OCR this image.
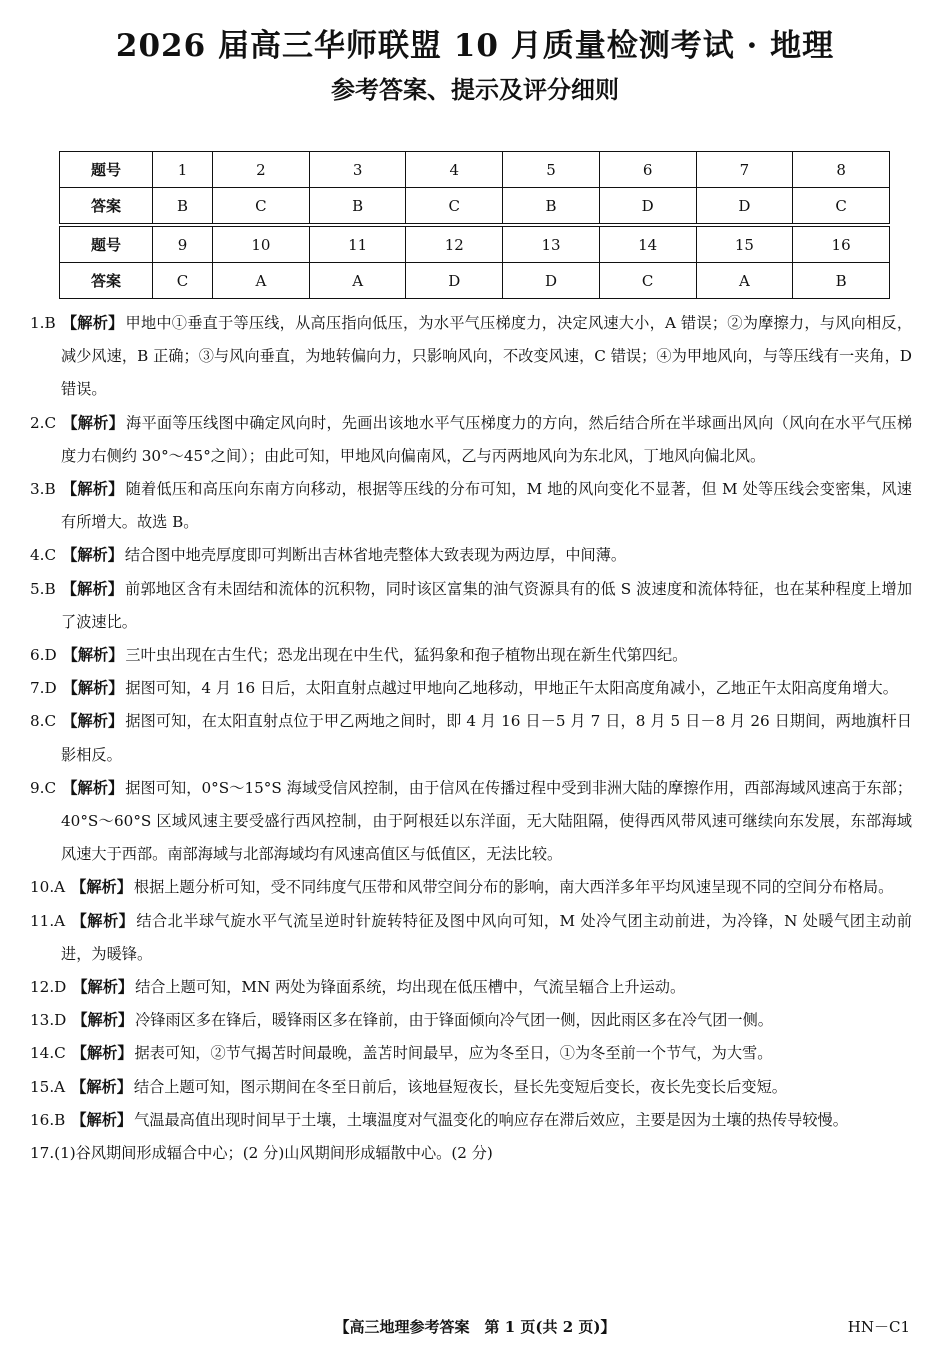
2026 届高三华师联盟 10 月质量检测考试 · 地理
参考答案、提示及评分细则
题号	1	2	3	4	5	6	7	8
答案	B	C	B	C	B	D	D	C
题号	9	10	11	12	13	14	15	16
答案	C	A	A	D	D	C	A	B
1.B 【解析】 甲地中①垂直于等压线，从高压指向低压，为水平气压梯度力，决定风速大小，A 错误；②为摩擦力，与风向相反，减少风速，B 正确；③与风向垂直，为地转偏向力，只影响风向，不改变风速，C 错误；④为甲地风向，与等压线有一夹角，D 错误。
2.C 【解析】 海平面等压线图中确定风向时，先画出该地水平气压梯度力的方向，然后结合所在半球画出风向（风向在水平气压梯度力右侧约 30°～45°之间）；由此可知，甲地风向偏南风，乙与丙两地风向为东北风，丁地风向偏北风。
3.B 【解析】 随着低压和高压向东南方向移动，根据等压线的分布可知，M 地的风向变化不显著，但 M 处等压线会变密集，风速有所增大。故选 B。
4.C 【解析】 结合图中地壳厚度即可判断出吉林省地壳整体大致表现为两边厚，中间薄。
5.B 【解析】 前郭地区含有未固结和流体的沉积物，同时该区富集的油气资源具有的低 S 波速度和流体特征，也在某种程度上增加了波速比。
6.D 【解析】 三叶虫出现在古生代；恐龙出现在中生代，猛犸象和孢子植物出现在新生代第四纪。
7.D 【解析】 据图可知，4 月 16 日后，太阳直射点越过甲地向乙地移动，甲地正午太阳高度角减小，乙地正午太阳高度角增大。
8.C 【解析】 据图可知，在太阳直射点位于甲乙两地之间时，即 4 月 16 日－5 月 7 日，8 月 5 日－8 月 26 日期间，两地旗杆日影相反。
9.C 【解析】 据图可知，0°S～15°S 海域受信风控制，由于信风在传播过程中受到非洲大陆的摩擦作用，西部海域风速高于东部；40°S～60°S 区域风速主要受盛行西风控制，由于阿根廷以东洋面，无大陆阻隔，使得西风带风速可继续向东发展，东部海域风速大于西部。南部海域与北部海域均有风速高值区与低值区，无法比较。
10.A 【解析】 根据上题分析可知，受不同纬度气压带和风带空间分布的影响，南大西洋多年平均风速呈现不同的空间分布格局。
11.A 【解析】 结合北半球气旋水平气流呈逆时针旋转特征及图中风向可知，M 处冷气团主动前进，为冷锋，N 处暖气团主动前进，为暖锋。
12.D 【解析】 结合上题可知，MN 两处为锋面系统，均出现在低压槽中，气流呈辐合上升运动。
13.D 【解析】 冷锋雨区多在锋后，暖锋雨区多在锋前，由于锋面倾向冷气团一侧，因此雨区多在冷气团一侧。
14.C 【解析】 据表可知，②节气揭苫时间最晚，盖苫时间最早，应为冬至日，①为冬至前一个节气，为大雪。
15.A 【解析】 结合上题可知，图示期间在冬至日前后，该地昼短夜长，昼长先变短后变长，夜长先变长后变短。
16.B 【解析】 气温最高值出现时间早于土壤，土壤温度对气温变化的响应存在滞后效应，主要是因为土壤的热传导较慢。
17.(1)谷风期间形成辐合中心；(2 分)山风期间形成辐散中心。(2 分)
【高三地理参考答案　第 1 页(共 2 页)】	HN－C1
